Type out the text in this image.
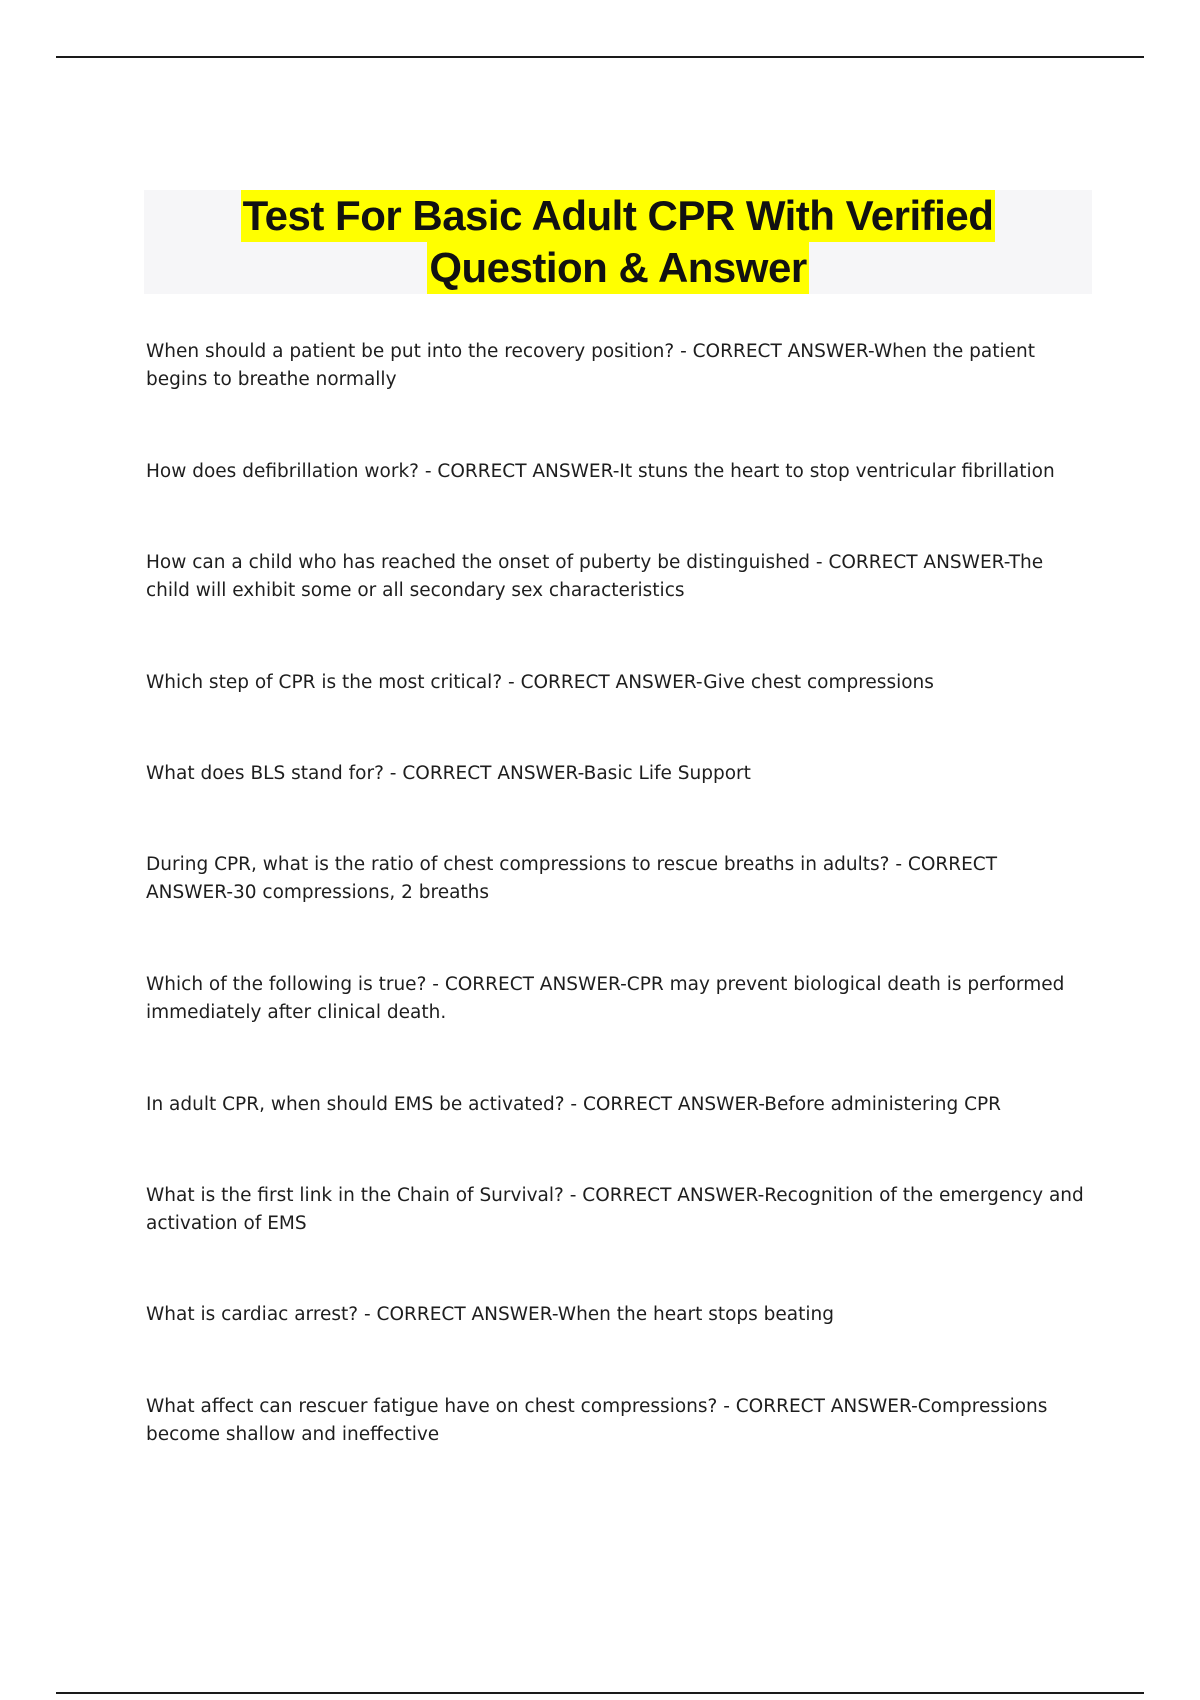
Test For Basic Adult CPR With Verified
Question & Answer

When should a patient be put into the recovery position? - CORRECT ANSWER-When the patient begins to breathe normally

How does defibrillation work? - CORRECT ANSWER-It stuns the heart to stop ventricular fibrillation

How can a child who has reached the onset of puberty be distinguished - CORRECT ANSWER-The child will exhibit some or all secondary sex characteristics

Which step of CPR is the most critical? - CORRECT ANSWER-Give chest compressions

What does BLS stand for? - CORRECT ANSWER-Basic Life Support

During CPR, what is the ratio of chest compressions to rescue breaths in adults? - CORRECT ANSWER-30 compressions, 2 breaths

Which of the following is true? - CORRECT ANSWER-CPR may prevent biological death is performed immediately after clinical death.

In adult CPR, when should EMS be activated? - CORRECT ANSWER-Before administering CPR

What is the first link in the Chain of Survival? - CORRECT ANSWER-Recognition of the emergency and activation of EMS

What is cardiac arrest? - CORRECT ANSWER-When the heart stops beating

What affect can rescuer fatigue have on chest compressions? - CORRECT ANSWER-Compressions become shallow and ineffective
